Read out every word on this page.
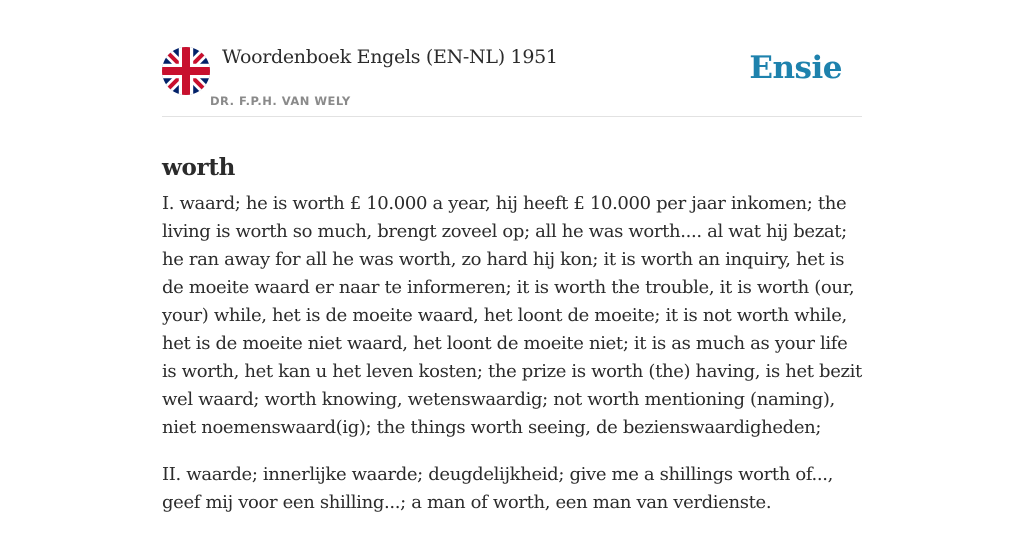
Woordenboek Engels (EN-NL) 1951
DR. F.P.H. VAN WELY
Ensie
worth

I. waard; he is worth £ 10.000 a year, hij heeft £ 10.000 per jaar inkomen; the living is worth so much, brengt zoveel op; all he was worth.... al wat hij bezat; he ran away for all he was worth, zo hard hij kon; it is worth an inquiry, het is de moeite waard er naar te informeren; it is worth the trouble, it is worth (our, your) while, het is de moeite waard, het loont de moeite; it is not worth while, het is de moeite niet waard, het loont de moeite niet; it is as much as your life is worth, het kan u het leven kosten; the prize is worth (the) having, is het bezit wel waard; worth knowing, wetenswaardig; not worth mentioning (naming), niet noemenswaard(ig); the things worth seeing, de bezienswaardigheden;

II. waarde; innerlijke waarde; deugdelijkheid; give me a shillings worth of..., geef mij voor een shilling...; a man of worth, een man van verdienste.
